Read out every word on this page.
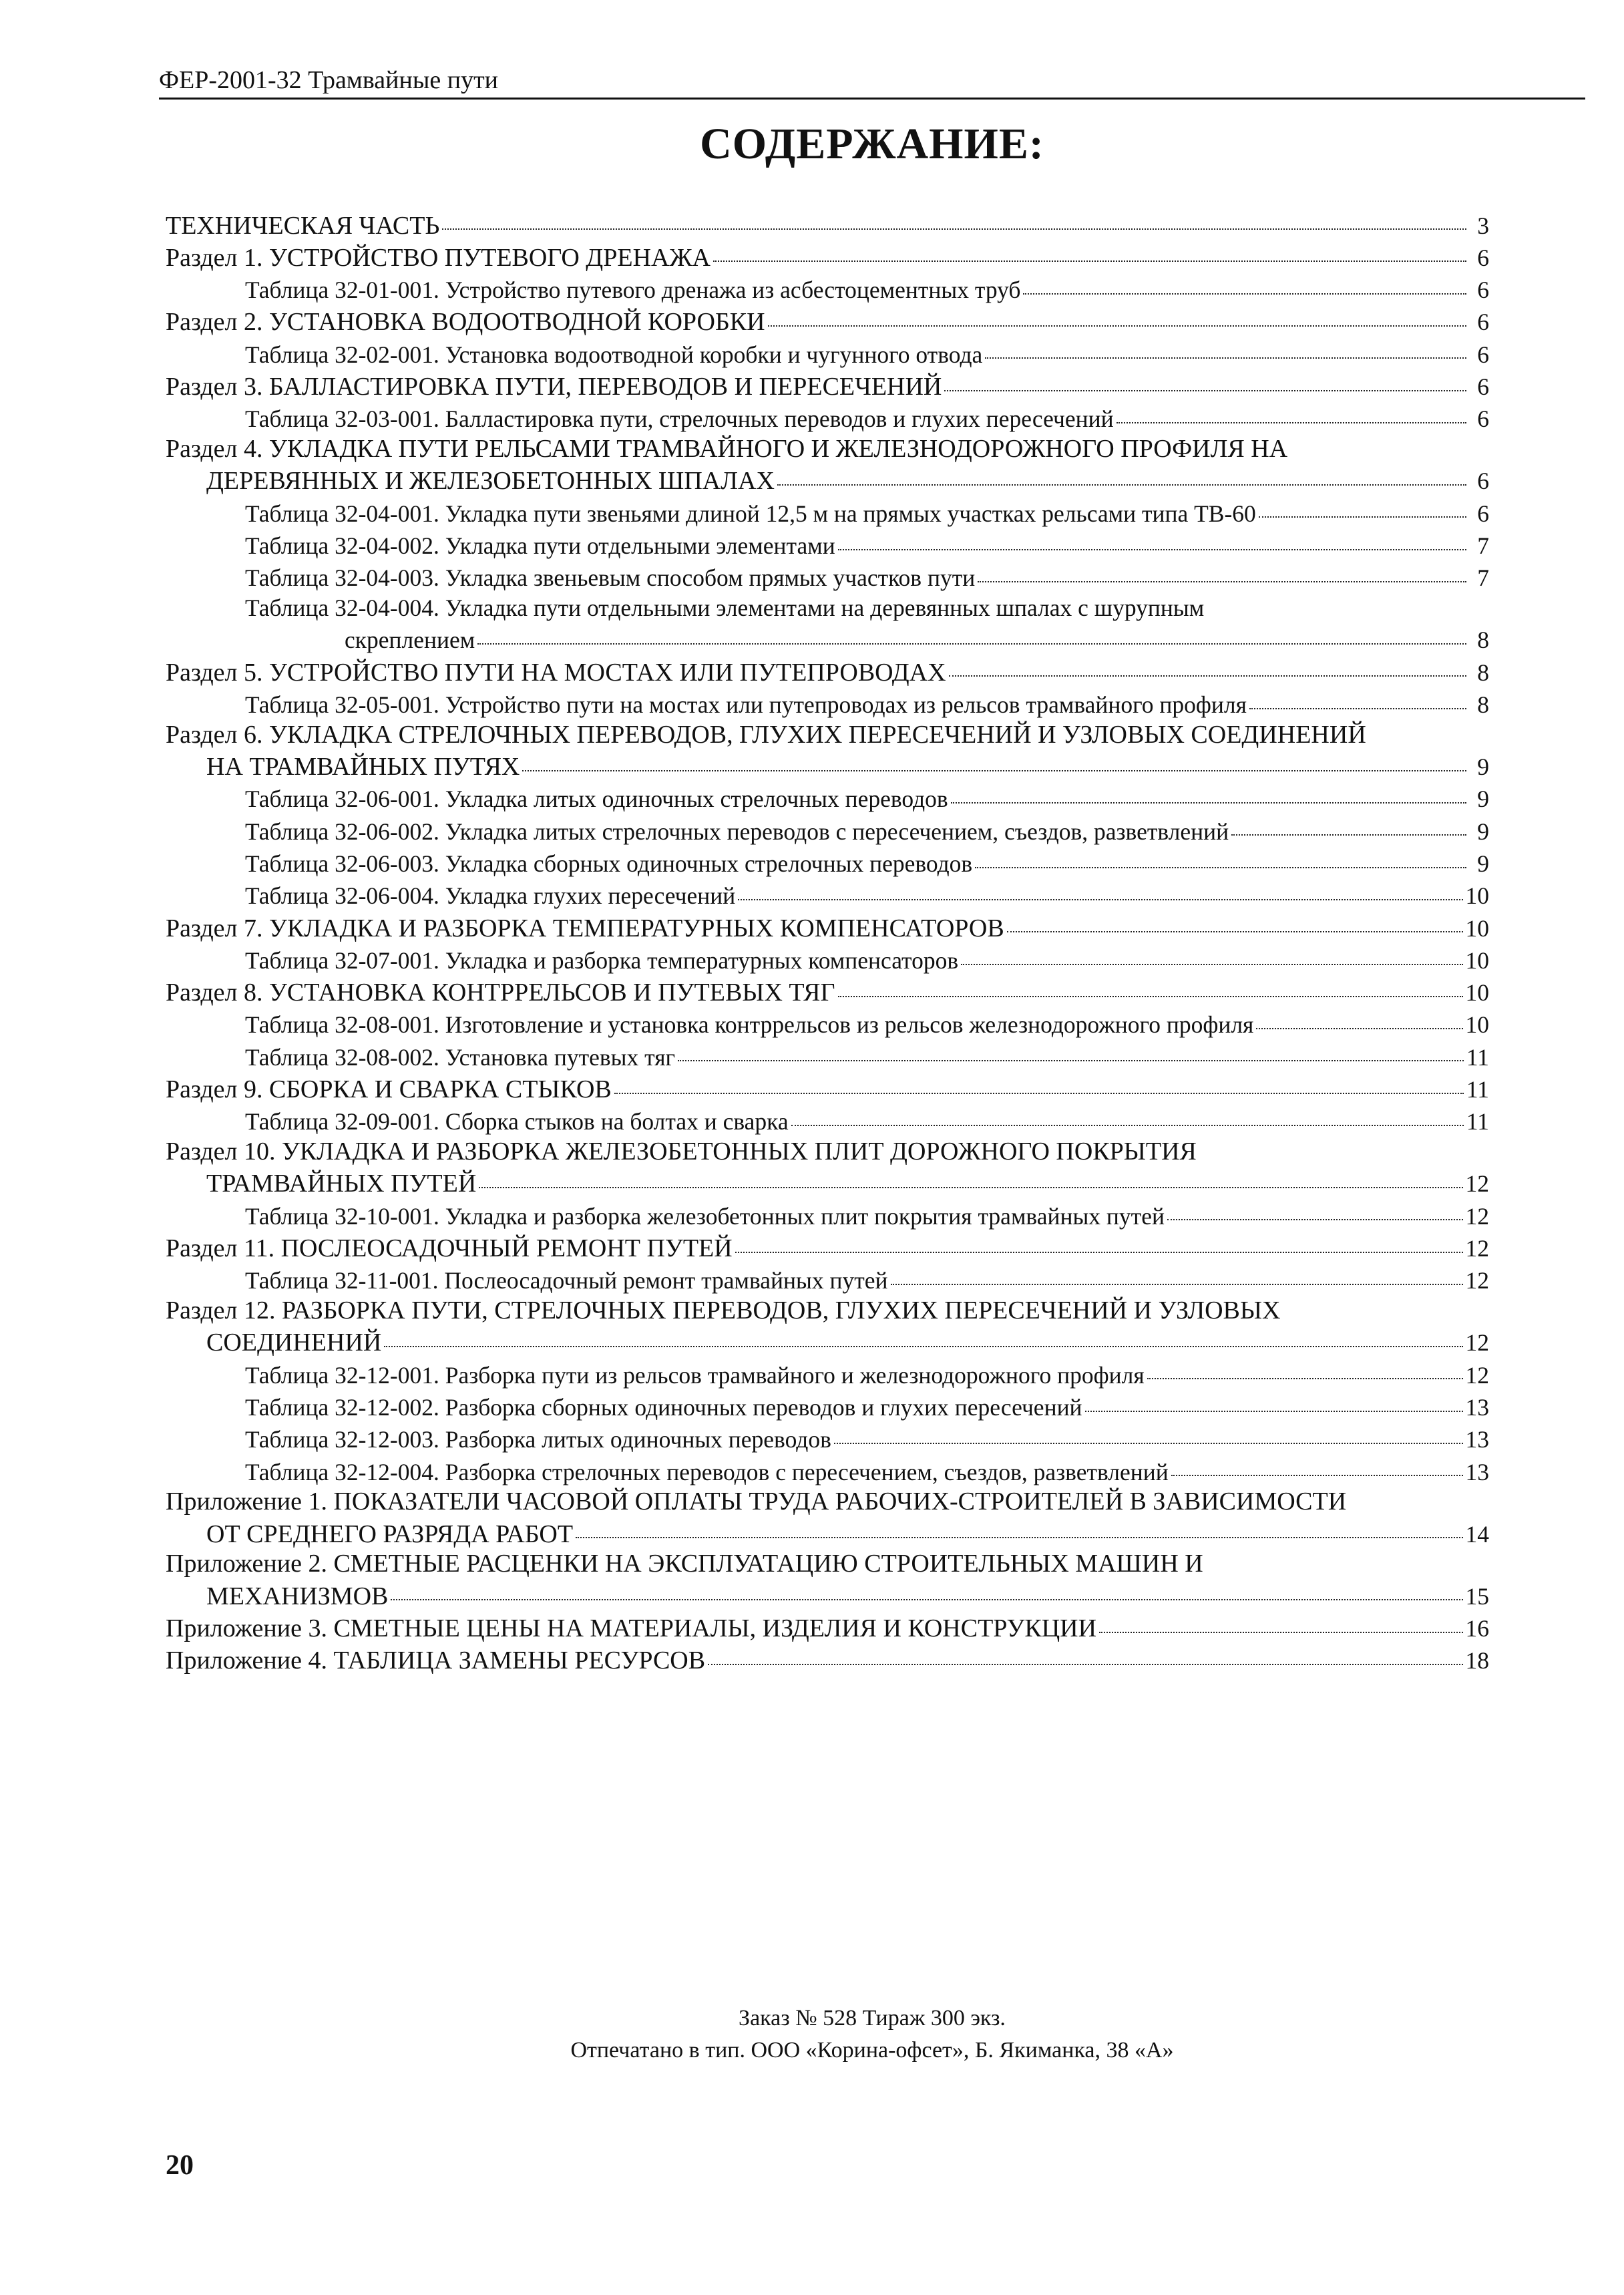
ФЕР-2001-32 Трамвайные пути
СОДЕРЖАНИЕ:
ТЕХНИЧЕСКАЯ ЧАСТЬ	3
Раздел 1. УСТРОЙСТВО ПУТЕВОГО ДРЕНАЖА	6
Таблица 32-01-001. Устройство путевого дренажа из асбестоцементных труб	6
Раздел 2. УСТАНОВКА ВОДООТВОДНОЙ КОРОБКИ	6
Таблица 32-02-001. Установка водоотводной коробки и чугунного отвода	6
Раздел 3. БАЛЛАСТИРОВКА ПУТИ, ПЕРЕВОДОВ И ПЕРЕСЕЧЕНИЙ	6
Таблица 32-03-001. Балластировка пути, стрелочных переводов и глухих пересечений	6
Раздел 4. УКЛАДКА ПУТИ РЕЛЬСАМИ ТРАМВАЙНОГО И ЖЕЛЕЗНОДОРОЖНОГО ПРОФИЛЯ НА
ДЕРЕВЯННЫХ И ЖЕЛЕЗОБЕТОННЫХ ШПАЛАХ	6
Таблица 32-04-001. Укладка пути звеньями длиной 12,5 м на прямых участках рельсами типа ТВ-60	6
Таблица 32-04-002. Укладка пути отдельными элементами	7
Таблица 32-04-003. Укладка звеньевым способом прямых участков пути	7
Таблица 32-04-004. Укладка пути отдельными элементами на деревянных шпалах с шурупным
скреплением	8
Раздел 5. УСТРОЙСТВО ПУТИ НА МОСТАХ ИЛИ ПУТЕПРОВОДАХ	8
Таблица 32-05-001. Устройство пути на мостах или путепроводах из рельсов трамвайного профиля	8
Раздел 6. УКЛАДКА СТРЕЛОЧНЫХ ПЕРЕВОДОВ, ГЛУХИХ ПЕРЕСЕЧЕНИЙ И УЗЛОВЫХ СОЕДИНЕНИЙ
НА ТРАМВАЙНЫХ ПУТЯХ	9
Таблица 32-06-001. Укладка литых одиночных стрелочных переводов	9
Таблица 32-06-002. Укладка литых стрелочных переводов с пересечением, съездов, разветвлений	9
Таблица 32-06-003. Укладка сборных одиночных стрелочных переводов	9
Таблица 32-06-004. Укладка глухих пересечений	10
Раздел 7. УКЛАДКА И РАЗБОРКА ТЕМПЕРАТУРНЫХ КОМПЕНСАТОРОВ	10
Таблица 32-07-001. Укладка и разборка температурных компенсаторов	10
Раздел 8. УСТАНОВКА КОНТРРЕЛЬСОВ И ПУТЕВЫХ ТЯГ	10
Таблица 32-08-001. Изготовление и установка контррельсов из рельсов железнодорожного профиля	10
Таблица 32-08-002. Установка путевых тяг	11
Раздел 9. СБОРКА И СВАРКА СТЫКОВ	11
Таблица 32-09-001. Сборка стыков на болтах и сварка	11
Раздел 10. УКЛАДКА И РАЗБОРКА ЖЕЛЕЗОБЕТОННЫХ ПЛИТ ДОРОЖНОГО ПОКРЫТИЯ
ТРАМВАЙНЫХ ПУТЕЙ	12
Таблица 32-10-001. Укладка и разборка железобетонных плит покрытия трамвайных путей	12
Раздел 11. ПОСЛЕОСАДОЧНЫЙ РЕМОНТ ПУТЕЙ	12
Таблица 32-11-001. Послеосадочный ремонт трамвайных путей	12
Раздел 12. РАЗБОРКА ПУТИ, СТРЕЛОЧНЫХ ПЕРЕВОДОВ, ГЛУХИХ ПЕРЕСЕЧЕНИЙ И УЗЛОВЫХ
СОЕДИНЕНИЙ	12
Таблица 32-12-001. Разборка пути из рельсов трамвайного и железнодорожного профиля	12
Таблица 32-12-002. Разборка сборных одиночных переводов и глухих пересечений	13
Таблица 32-12-003. Разборка литых одиночных переводов	13
Таблица 32-12-004. Разборка стрелочных переводов с пересечением, съездов, разветвлений	13
Приложение 1. ПОКАЗАТЕЛИ ЧАСОВОЙ ОПЛАТЫ ТРУДА РАБОЧИХ-СТРОИТЕЛЕЙ В ЗАВИСИМОСТИ
ОТ СРЕДНЕГО РАЗРЯДА РАБОТ	14
Приложение 2. СМЕТНЫЕ РАСЦЕНКИ НА ЭКСПЛУАТАЦИЮ СТРОИТЕЛЬНЫХ МАШИН И
МЕХАНИЗМОВ	15
Приложение 3. СМЕТНЫЕ ЦЕНЫ НА МАТЕРИАЛЫ, ИЗДЕЛИЯ И КОНСТРУКЦИИ	16
Приложение 4. ТАБЛИЦА ЗАМЕНЫ РЕСУРСОВ	18
Заказ № 528 Тираж 300 экз.
Отпечатано в тип. ООО «Корина-офсет», Б. Якиманка, 38 «А»
20
